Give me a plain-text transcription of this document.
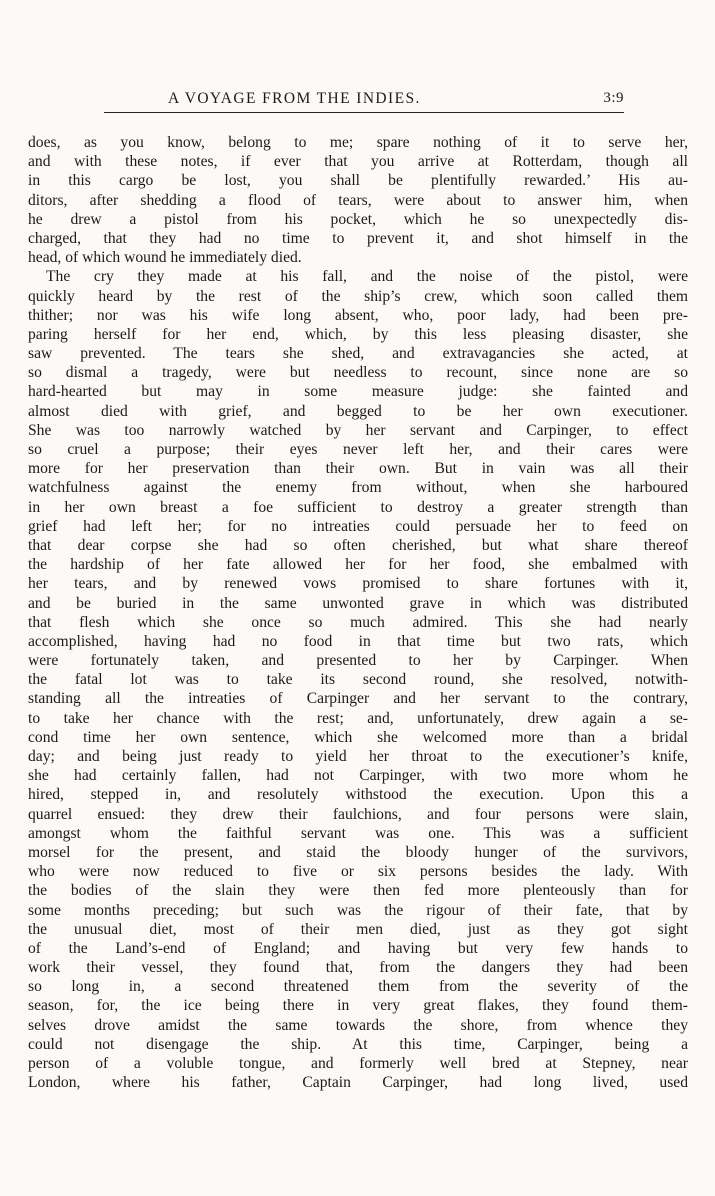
A VOYAGE FROM THE INDIES.	3:9
does, as you know, belong to me; spare nothing of it to serve her,
and with these notes, if ever that you arrive at Rotterdam, though all
in this cargo be lost, you shall be plentifully rewarded.’ His au-
ditors, after shedding a flood of tears, were about to answer him, when
he drew a pistol from his pocket, which he so unexpectedly dis-
charged, that they had no time to prevent it, and shot himself in the
head, of which wound he immediately died.
The cry they made at his fall, and the noise of the pistol, were
quickly heard by the rest of the ship’s crew, which soon called them
thither; nor was his wife long absent, who, poor lady, had been pre-
paring herself for her end, which, by this less pleasing disaster, she
saw prevented. The tears she shed, and extravagancies she acted, at
so dismal a tragedy, were but needless to recount, since none are so
hard-hearted but may in some measure judge: she fainted and
almost died with grief, and begged to be her own executioner.
She was too narrowly watched by her servant and Carpinger, to effect
so cruel a purpose; their eyes never left her, and their cares were
more for her preservation than their own. But in vain was all their
watchfulness against the enemy from without, when she harboured
in her own breast a foe sufficient to destroy a greater strength than
grief had left her; for no intreaties could persuade her to feed on
that dear corpse she had so often cherished, but what share thereof
the hardship of her fate allowed her for her food, she embalmed with
her tears, and by renewed vows promised to share fortunes with it,
and be buried in the same unwonted grave in which was distributed
that flesh which she once so much admired. This she had nearly
accomplished, having had no food in that time but two rats, which
were fortunately taken, and presented to her by Carpinger. When
the fatal lot was to take its second round, she resolved, notwith-
standing all the intreaties of Carpinger and her servant to the contrary,
to take her chance with the rest; and, unfortunately, drew again a se-
cond time her own sentence, which she welcomed more than a bridal
day; and being just ready to yield her throat to the executioner’s knife,
she had certainly fallen, had not Carpinger, with two more whom he
hired, stepped in, and resolutely withstood the execution. Upon this a
quarrel ensued: they drew their faulchions, and four persons were slain,
amongst whom the faithful servant was one. This was a sufficient
morsel for the present, and staid the bloody hunger of the survivors,
who were now reduced to five or six persons besides the lady. With
the bodies of the slain they were then fed more plenteously than for
some months preceding; but such was the rigour of their fate, that by
the unusual diet, most of their men died, just as they got sight
of the Land’s-end of England; and having but very few hands to
work their vessel, they found that, from the dangers they had been
so long in, a second threatened them from the severity of the
season, for, the ice being there in very great flakes, they found them-
selves drove amidst the same towards the shore, from whence they
could not disengage the ship. At this time, Carpinger, being a
person of a voluble tongue, and formerly well bred at Stepney, near
London, where his father, Captain Carpinger, had long lived, used
